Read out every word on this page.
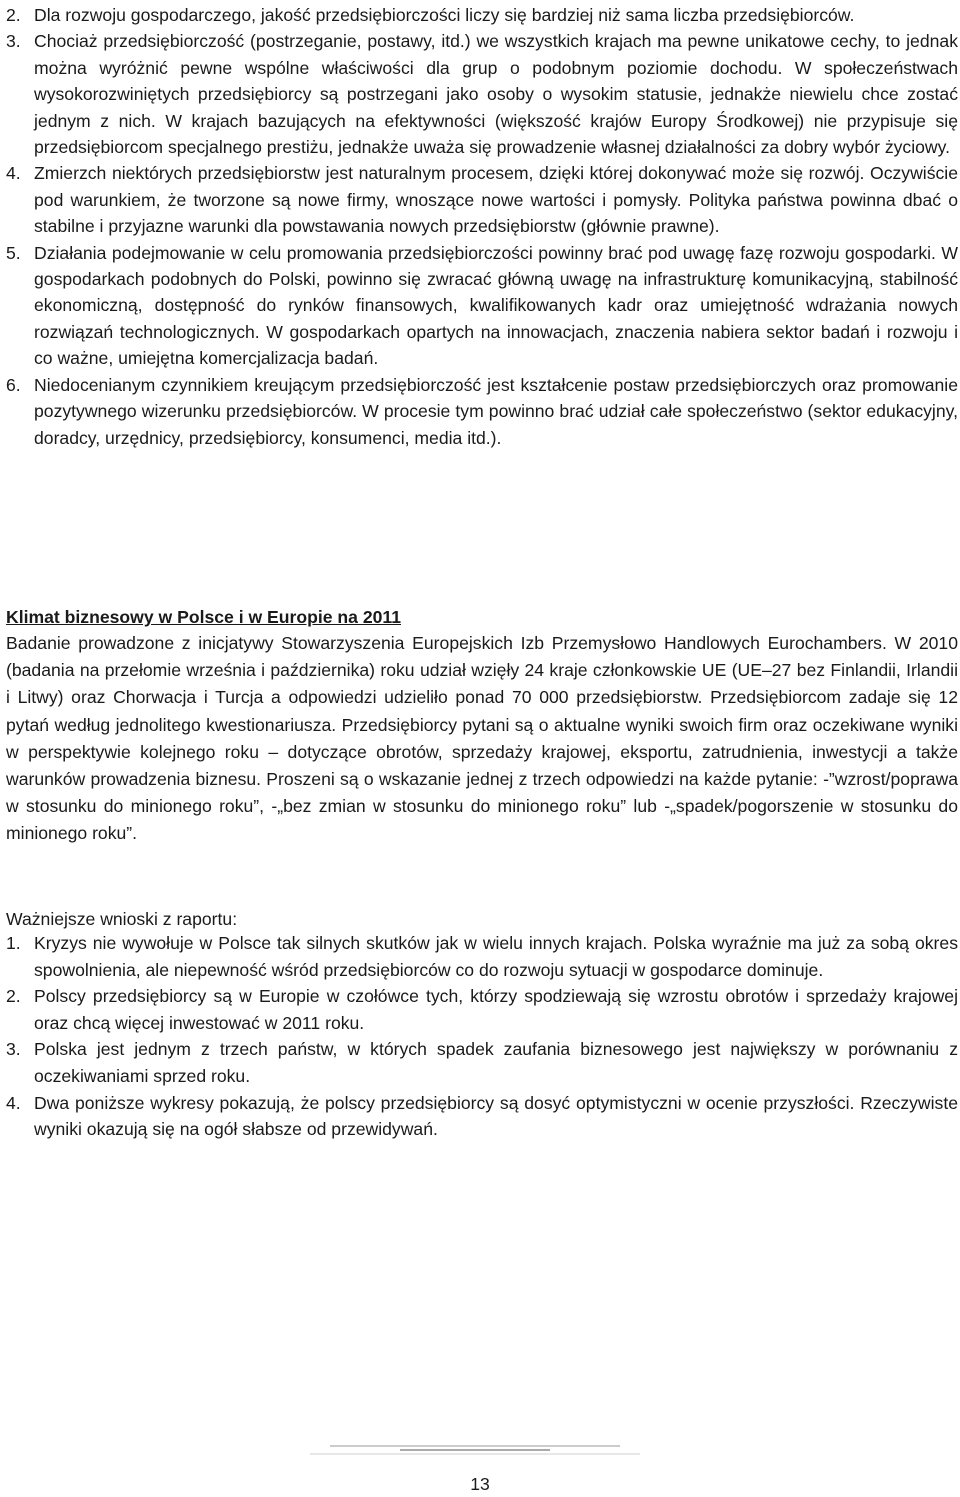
2. Dla rozwoju gospodarczego, jakość przedsiębiorczości liczy się bardziej niż sama liczba przedsiębiorców.
3. Chociaż przedsiębiorczość (postrzeganie, postawy, itd.) we wszystkich krajach ma pewne unikatowe cechy, to jednak można wyróżnić pewne wspólne właściwości dla grup o podobnym poziomie dochodu. W społeczeństwach wysokorozwiniętych przedsiębiorcy są postrzegani jako osoby o wysokim statusie, jednakże niewielu chce zostać jednym z nich. W krajach bazujących na efektywności (większość krajów Europy Środkowej) nie przypisuje się przedsiębiorcom specjalnego prestiżu, jednakże uważa się prowadzenie własnej działalności za dobry wybór życiowy.
4. Zmierzch niektórych przedsiębiorstw jest naturalnym procesem, dzięki której dokonywać może się rozwój. Oczywiście pod warunkiem, że tworzone są nowe firmy, wnoszące nowe wartości i pomysły. Polityka państwa powinna dbać o stabilne i przyjazne warunki dla powstawania nowych przedsiębiorstw (głównie prawne).
5. Działania podejmowanie w celu promowania przedsiębiorczości powinny brać pod uwagę fazę rozwoju gospodarki. W gospodarkach podobnych do Polski, powinno się zwracać główną uwagę na infrastrukturę komunikacyjną, stabilność ekonomiczną, dostępność do rynków finansowych, kwalifikowanych kadr oraz umiejętność wdrażania nowych rozwiązań technologicznych. W gospodarkach opartych na innowacjach, znaczenia nabiera sektor badań i rozwoju i co ważne, umiejętna komercjalizacja badań.
6. Niedocenianym czynnikiem kreującym przedsiębiorczość jest kształcenie postaw przedsiębiorczych oraz promowanie pozytywnego wizerunku przedsiębiorców. W procesie tym powinno brać udział całe społeczeństwo (sektor edukacyjny, doradcy, urzędnicy, przedsiębiorcy, konsumenci, media itd.).
Klimat biznesowy w Polsce i w Europie na 2011

Badanie prowadzone z inicjatywy Stowarzyszenia Europejskich Izb Przemysłowo Handlowych Eurochambers. W 2010 (badania na przełomie września i października) roku udział wzięły 24 kraje członkowskie UE (UE–27 bez Finlandii, Irlandii i Litwy) oraz Chorwacja i Turcja a odpowiedzi udzieliło ponad 70 000 przedsiębiorstw. Przedsiębiorcom zadaje się 12 pytań według jednolitego kwestionariusza. Przedsiębiorcy pytani są o aktualne wyniki swoich firm oraz oczekiwane wyniki w perspektywie kolejnego roku – dotyczące obrotów, sprzedaży krajowej, eksportu, zatrudnienia, inwestycji a także warunków prowadzenia biznesu. Proszeni są o wskazanie jednej z trzech odpowiedzi na każde pytanie: -”wzrost/poprawa w stosunku do minionego roku”, -„bez zmian w stosunku do minionego roku” lub -„spadek/pogorszenie w stosunku do minionego roku”.

Ważniejsze wnioski z raportu:
1. Kryzys nie wywołuje w Polsce tak silnych skutków jak w wielu innych krajach. Polska wyraźnie ma już za sobą okres spowolnienia, ale niepewność wśród przedsiębiorców co do rozwoju sytuacji w gospodarce dominuje.
2. Polscy przedsiębiorcy są w Europie w czołówce tych, którzy spodziewają się wzrostu obrotów i sprzedaży krajowej oraz chcą więcej inwestować w 2011 roku.
3. Polska jest jednym z trzech państw, w których spadek zaufania biznesowego jest największy w porównaniu z oczekiwaniami sprzed roku.
4. Dwa poniższe wykresy pokazują, że polscy przedsiębiorcy są dosyć optymistyczni w ocenie przyszłości. Rzeczywiste wyniki okazują się na ogół słabsze od przewidywań.
13
